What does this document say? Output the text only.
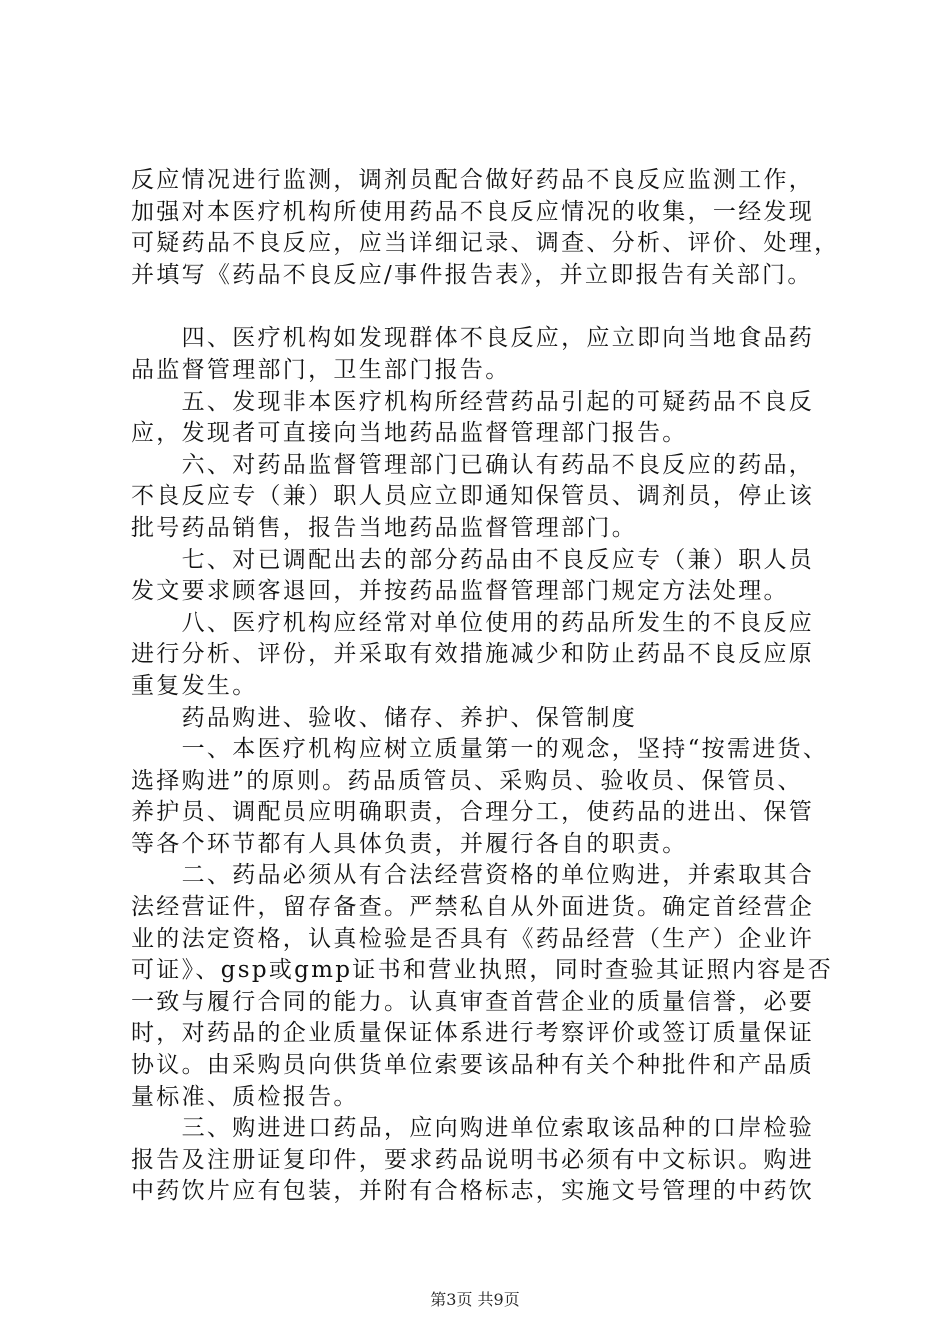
反应情况进行监测，调剂员配合做好药品不良反应监测工作，
加强对本医疗机构所使用药品不良反应情况的收集，一经发现
可疑药品不良反应，应当详细记录、调查、分析、评价、处理，
并填写《药品不良反应/事件报告表》，并立即报告有关部门。
　　四、医疗机构如发现群体不良反应，应立即向当地食品药
品监督管理部门，卫生部门报告。
　　五、发现非本医疗机构所经营药品引起的可疑药品不良反
应，发现者可直接向当地药品监督管理部门报告。
　　六、对药品监督管理部门已确认有药品不良反应的药品，
不良反应专（兼）职人员应立即通知保管员、调剂员，停止该
批号药品销售，报告当地药品监督管理部门。
　　七、对已调配出去的部分药品由不良反应专（兼）职人员
发文要求顾客退回，并按药品监督管理部门规定方法处理。
　　八、医疗机构应经常对单位使用的药品所发生的不良反应
进行分析、评份，并采取有效措施减少和防止药品不良反应原
重复发生。
　　药品购进、验收、储存、养护、保管制度
　　一、本医疗机构应树立质量第一的观念，坚持“按需进货、
选择购进”的原则。药品质管员、采购员、验收员、保管员、
养护员、调配员应明确职责，合理分工，使药品的进出、保管
等各个环节都有人具体负责，并履行各自的职责。
　　二、药品必须从有合法经营资格的单位购进，并索取其合
法经营证件，留存备查。严禁私自从外面进货。确定首经营企
业的法定资格，认真检验是否具有《药品经营（生产）企业许
可证》、gsp或gmp证书和营业执照，同时查验其证照内容是否
一致与履行合同的能力。认真审查首营企业的质量信誉，必要
时，对药品的企业质量保证体系进行考察评价或签订质量保证
协议。由采购员向供货单位索要该品种有关个种批件和产品质
量标准、质检报告。
　　三、购进进口药品，应向购进单位索取该品种的口岸检验
报告及注册证复印件，要求药品说明书必须有中文标识。购进
中药饮片应有包装，并附有合格标志，实施文号管理的中药饮
第3页 共9页
